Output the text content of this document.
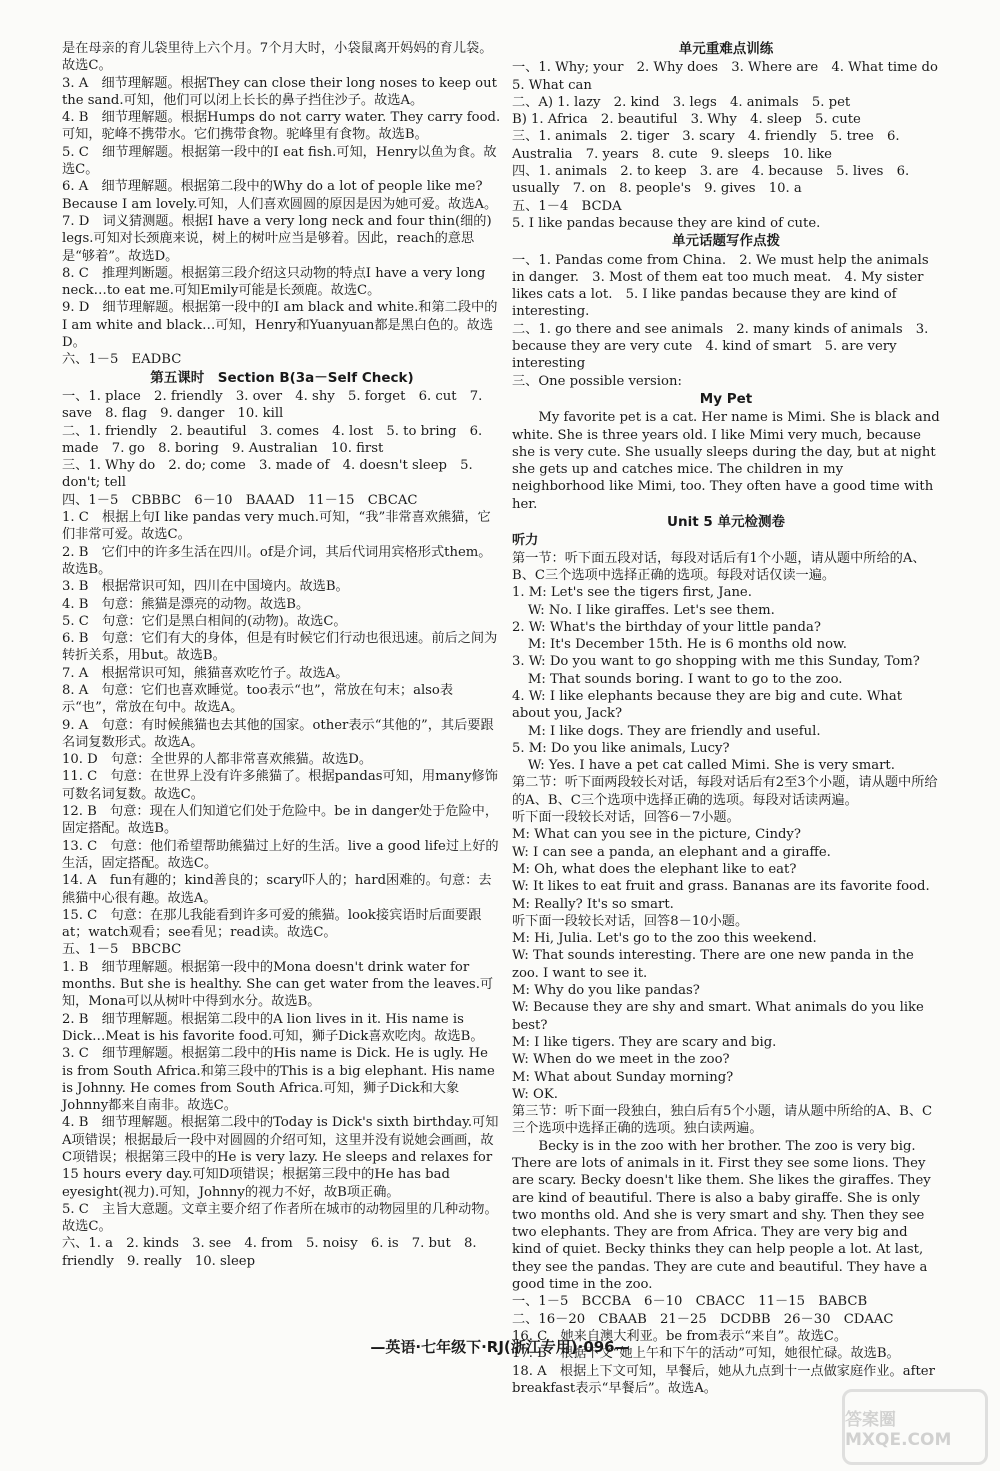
是在母亲的育儿袋里待上六个月。7个月大时，小袋鼠离开妈妈的育儿袋。故选C。

3. A　细节理解题。根据They can close their long noses to keep out the sand.可知，他们可以闭上长长的鼻子挡住沙子。故选A。

4. B　细节理解题。根据Humps do not carry water. They carry food.可知，驼峰不携带水。它们携带食物。驼峰里有食物。故选B。

5. C　细节理解题。根据第一段中的I eat fish.可知，Henry以鱼为食。故选C。

6. A　细节理解题。根据第二段中的Why do a lot of people like me? Because I am lovely.可知，人们喜欢圆圆的原因是因为她可爱。故选A。

7. D　词义猜测题。根据I have a very long neck and four thin(细的) legs.可知对长颈鹿来说，树上的树叶应当是够着。因此，reach的意思是“够着”。故选D。

8. C　推理判断题。根据第三段介绍这只动物的特点I have a very long neck…to eat me.可知Emily可能是长颈鹿。故选C。

9. D　细节理解题。根据第一段中的I am black and white.和第二段中的I am white and black…可知，Henry和Yuanyuan都是黑白色的。故选D。

六、1－5　EADBC

第五课时　Section B(3a－Self Check)

一、1. place　2. friendly　3. over　4. shy　5. forget　6. cut　7. save　8. flag　9. danger　10. kill

二、1. friendly　2. beautiful　3. comes　4. lost　5. to bring　6. made　7. go　8. boring　9. Australian　10. first

三、1. Why do　2. do; come　3. made of　4. doesn't sleep　5. don't; tell

四、1－5　CBBBC　6－10　BAAAD　11－15　CBCAC

1. C　根据上句I like pandas very much.可知，“我”非常喜欢熊猫，它们非常可爱。故选C。

2. B　它们中的许多生活在四川。of是介词，其后代词用宾格形式them。故选B。

3. B　根据常识可知，四川在中国境内。故选B。

4. B　句意：熊猫是漂亮的动物。故选B。

5. C　句意：它们是黑白相间的(动物)。故选C。

6. B　句意：它们有大的身体，但是有时候它们行动也很迅速。前后之间为转折关系，用but。故选B。

7. A　根据常识可知，熊猫喜欢吃竹子。故选A。

8. A　句意：它们也喜欢睡觉。too表示“也”，常放在句末；also表示“也”，常放在句中。故选A。

9. A　句意：有时候熊猫也去其他的国家。other表示“其他的”，其后要跟名词复数形式。故选A。

10. D　句意：全世界的人都非常喜欢熊猫。故选D。

11. C　句意：在世界上没有许多熊猫了。根据pandas可知，用many修饰可数名词复数。故选C。

12. B　句意：现在人们知道它们处于危险中。be in danger处于危险中，固定搭配。故选B。

13. C　句意：他们希望帮助熊猫过上好的生活。live a good life过上好的生活，固定搭配。故选C。

14. A　fun有趣的；kind善良的；scary吓人的；hard困难的。句意：去熊猫中心很有趣。故选A。

15. C　句意：在那儿我能看到许多可爱的熊猫。look接宾语时后面要跟at；watch观看；see看见；read读。故选C。

五、1－5　BBCBC

1. B　细节理解题。根据第一段中的Mona doesn't drink water for months. But she is healthy. She can get water from the leaves.可知，Mona可以从树叶中得到水分。故选B。

2. B　细节理解题。根据第二段中的A lion lives in it. His name is Dick…Meat is his favorite food.可知，狮子Dick喜欢吃肉。故选B。

3. C　细节理解题。根据第二段中的His name is Dick. He is ugly. He is from South Africa.和第三段中的This is a big elephant. His name is Johnny. He comes from South Africa.可知，狮子Dick和大象Johnny都来自南非。故选C。

4. B　细节理解题。根据第二段中的Today is Dick's sixth birthday.可知A项错误；根据最后一段中对圆圆的介绍可知，这里并没有说她会画画，故C项错误；根据第三段中的He is very lazy. He sleeps and relaxes for 15 hours every day.可知D项错误；根据第三段中的He has bad eyesight(视力).可知，Johnny的视力不好，故B项正确。

5. C　主旨大意题。文章主要介绍了作者所在城市的动物园里的几种动物。故选C。

六、1. a　2. kinds　3. see　4. from　5. noisy　6. is　7. but　8. friendly　9. really　10. sleep

单元重难点训练

一、1. Why; your　2. Why does　3. Where are　4. What time do　5. What can

二、A) 1. lazy　2. kind　3. legs　4. animals　5. pet

B) 1. Africa　2. beautiful　3. Why　4. sleep　5. cute

三、1. animals　2. tiger　3. scary　4. friendly　5. tree　6. Australia　7. years　8. cute　9. sleeps　10. like

四、1. animals　2. to keep　3. are　4. because　5. lives　6. usually　7. on　8. people's　9. gives　10. a

五、1－4　BCDA

5. I like pandas because they are kind of cute.

单元话题写作点拨

一、1. Pandas come from China.　2. We must help the animals in danger.　3. Most of them eat too much meat.　4. My sister likes cats a lot.　5. I like pandas because they are kind of interesting.

二、1. go there and see animals　2. many kinds of animals　3. because they are very cute　4. kind of smart　5. are very interesting

三、One possible version:

My Pet

My favorite pet is a cat. Her name is Mimi. She is black and white. She is three years old. I like Mimi very much, because she is very cute. She usually sleeps during the day, but at night she gets up and catches mice. The children in my neighborhood like Mimi, too. They often have a good time with her.

Unit 5 单元检测卷

听力

第一节：听下面五段对话，每段对话后有1个小题，请从题中所给的A、B、C三个选项中选择正确的选项。每段对话仅读一遍。

1. M: Let's see the tigers first, Jane.

W: No. I like giraffes. Let's see them.

2. W: What's the birthday of your little panda?

M: It's December 15th. He is 6 months old now.

3. W: Do you want to go shopping with me this Sunday, Tom?

M: That sounds boring. I want to go to the zoo.

4. W: I like elephants because they are big and cute. What about you, Jack?

M: I like dogs. They are friendly and useful.

5. M: Do you like animals, Lucy?

W: Yes. I have a pet cat called Mimi. She is very smart.

第二节：听下面两段较长对话，每段对话后有2至3个小题，请从题中所给的A、B、C三个选项中选择正确的选项。每段对话读两遍。

听下面一段较长对话，回答6－7小题。

M: What can you see in the picture, Cindy?

W: I can see a panda, an elephant and a giraffe.

M: Oh, what does the elephant like to eat?

W: It likes to eat fruit and grass. Bananas are its favorite food.

M: Really? It's so smart.

听下面一段较长对话，回答8－10小题。

M: Hi, Julia. Let's go to the zoo this weekend.

W: That sounds interesting. There are one new panda in the zoo. I want to see it.

M: Why do you like pandas?

W: Because they are shy and smart. What animals do you like best?

M: I like tigers. They are scary and big.

W: When do we meet in the zoo?

M: What about Sunday morning?

W: OK.

第三节：听下面一段独白，独白后有5个小题，请从题中所给的A、B、C三个选项中选择正确的选项。独白读两遍。

Becky is in the zoo with her brother. The zoo is very big. There are lots of animals in it. First they see some lions. They are scary. Becky doesn't like them. She likes the giraffes. They are kind of beautiful. There is also a baby giraffe. She is only two months old. And she is very smart and shy. Then they see two elephants. They are from Africa. They are very big and kind of quiet. Becky thinks they can help people a lot. At last, they see the pandas. They are cute and beautiful. They have a good time in the zoo.

一、1－5　BCCBA　6－10　CBACC　11－15　BABCB

二、16－20　CBAAB　21－25　DCDBB　26－30　CDAAC

16. C　她来自澳大利亚。be from表示“来自”。故选C。

17. B　根据下文“她上午和下午的活动”可知，她很忙碌。故选B。

18. A　根据上下文可知，早餐后，她从九点到十一点做家庭作业。after breakfast表示“早餐后”。故选A。

—英语·七年级下·RJ(浙江专用)·096—
答案圈 MXQE.COM
